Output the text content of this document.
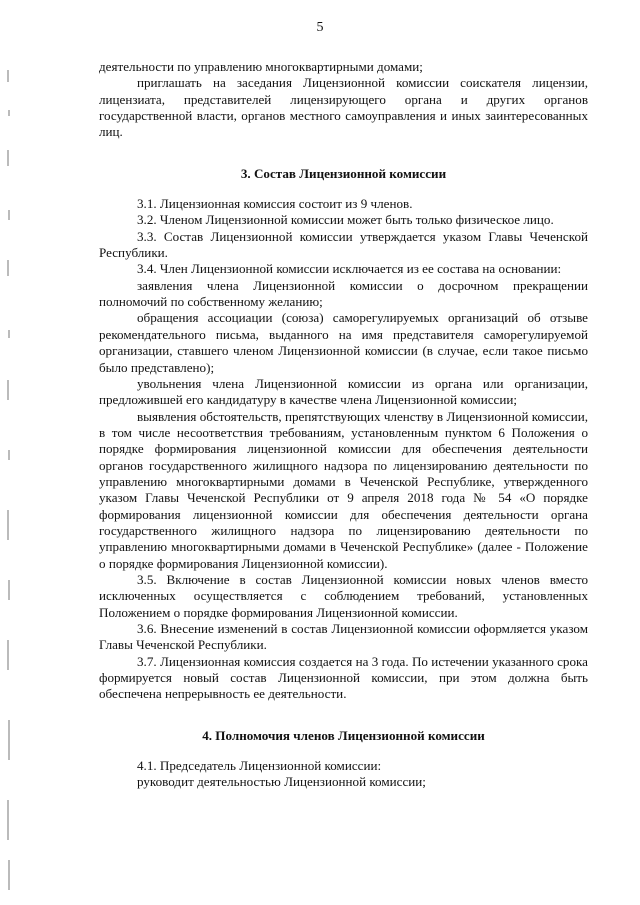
5

деятельности по управлению многоквартирными домами;

приглашать на заседания Лицензионной комиссии соискателя лицензии, лицензиата, представителей лицензирующего органа и других органов государственной власти, органов местного самоуправления и иных заинтересованных лиц.

3. Состав Лицензионной комиссии

3.1. Лицензионная комиссия состоит из 9 членов.

3.2. Членом Лицензионной комиссии может быть только физическое лицо.

3.3. Состав Лицензионной комиссии утверждается указом Главы Чеченской Республики.

3.4. Член Лицензионной комиссии исключается из ее состава на основании:

заявления члена Лицензионной комиссии о досрочном прекращении полномочий по собственному желанию;

обращения ассоциации (союза) саморегулируемых организаций об отзыве рекомендательного письма, выданного на имя представителя саморегулируемой организации, ставшего членом Лицензионной комиссии (в случае, если такое письмо было представлено);

увольнения члена Лицензионной комиссии из органа или организации, предложившей его кандидатуру в качестве члена Лицензионной комиссии;

выявления обстоятельств, препятствующих членству в Лицензионной комиссии, в том числе несоответствия требованиям, установленным пунктом 6 Положения о порядке формирования лицензионной комиссии для обеспечения деятельности органов государственного жилищного надзора по лицензированию деятельности по управлению многоквартирными домами в Чеченской Республике, утвержденного указом Главы Чеченской Республики от 9 апреля 2018 года № 54 «О порядке формирования лицензионной комиссии для обеспечения деятельности органа государственного жилищного надзора по лицензированию деятельности по управлению многоквартирными домами в Чеченской Республике» (далее - Положение о порядке формирования Лицензионной комиссии).

3.5. Включение в состав Лицензионной комиссии новых членов вместо исключенных осуществляется с соблюдением требований, установленных Положением о порядке формирования Лицензионной комиссии.

3.6. Внесение изменений в состав Лицензионной комиссии оформляется указом Главы Чеченской Республики.

3.7. Лицензионная комиссия создается на 3 года. По истечении указанного срока формируется новый состав Лицензионной комиссии, при этом должна быть обеспечена непрерывность ее деятельности.

4. Полномочия членов Лицензионной комиссии

4.1. Председатель Лицензионной комиссии:

руководит деятельностью Лицензионной комиссии;
